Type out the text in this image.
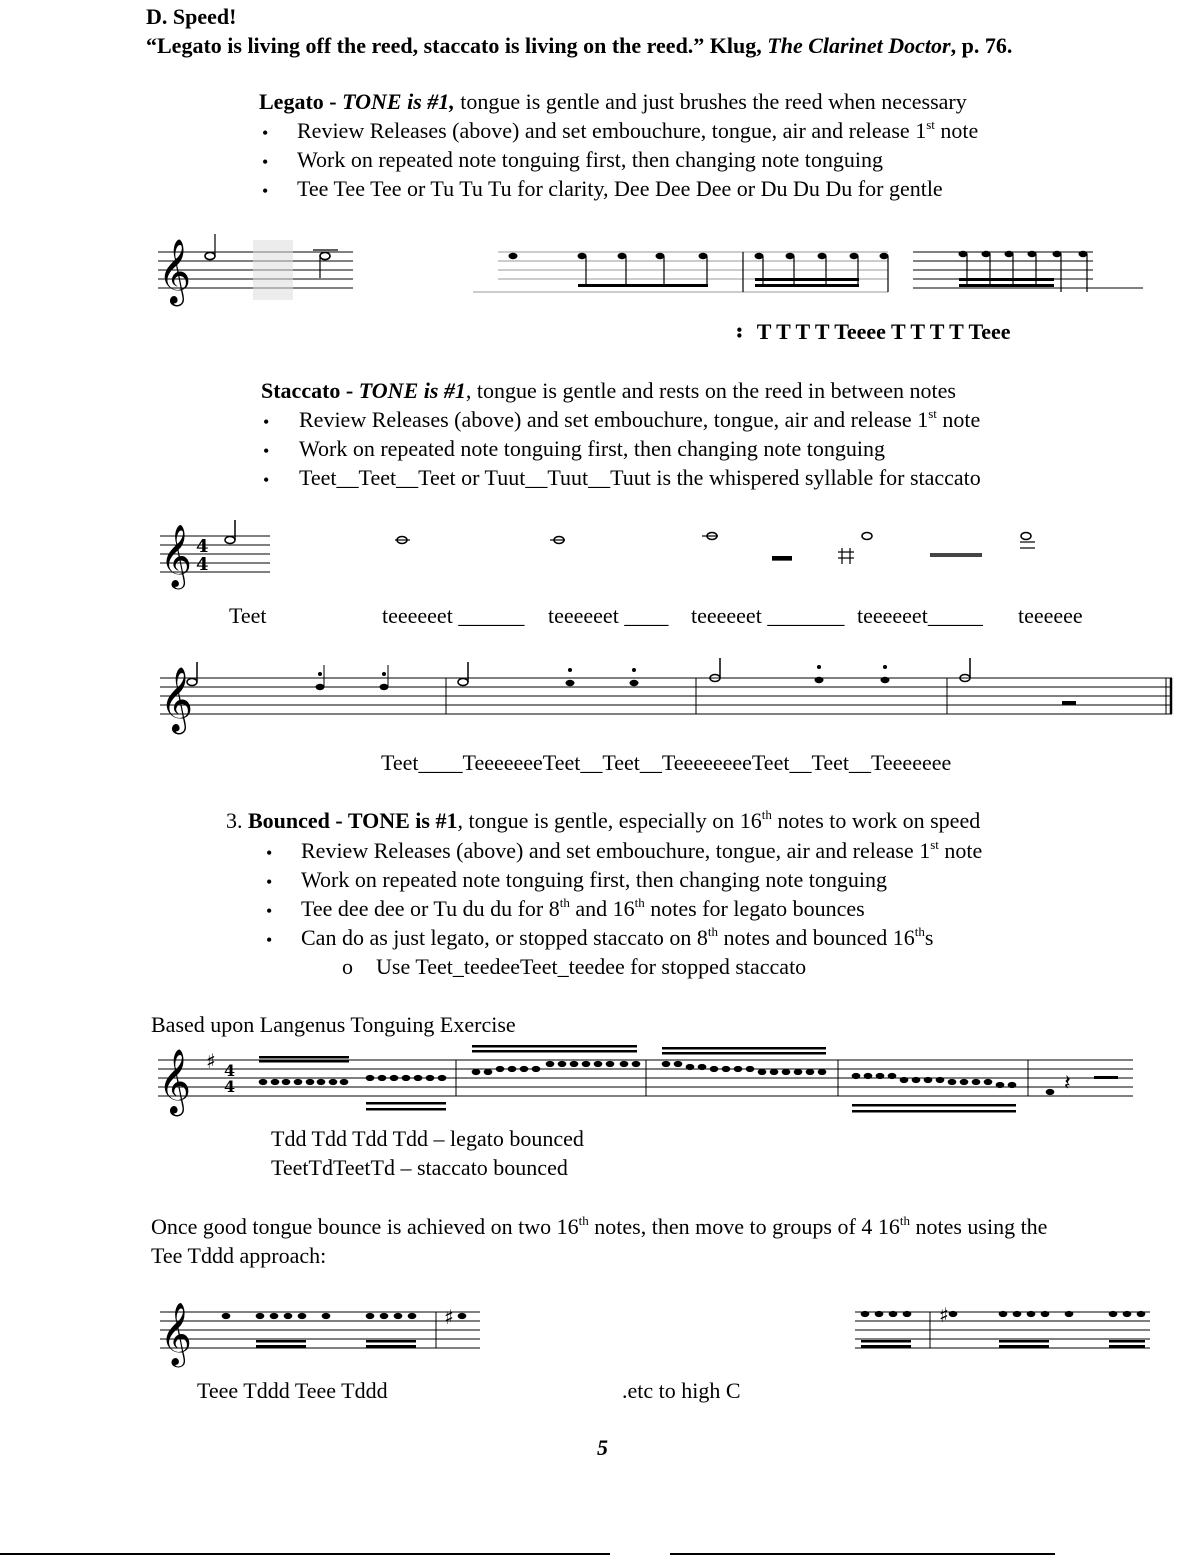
D. Speed!
“Legato is living off the reed, staccato is living on the reed.” Klug, The Clarinet Doctor, p. 76.
Legato - TONE is #1, tongue is gentle and just brushes the reed when necessary
• Review Releases (above) and set embouchure, tongue, air and release 1st note
• Work on repeated note tonguing first, then changing note tonguing
• Tee Tee Tee or Tu Tu Tu for clarity, Dee Dee Dee or Du Du Du for gentle
𝄞
⠆ T T T T Teeee T T T T Teee
Staccato - TONE is #1, tongue is gentle and rests on the reed in between notes
• Review Releases (above) and set embouchure, tongue, air and release 1st note
• Work on repeated note tonguing first, then changing note tonguing
• Teet__Teet__Teet or Tuut__Tuut__Tuut is the whispered syllable for staccato
𝄞 4
4
Teet	teeeeeet ______ teeeeeet ____ teeeeeet _______ teeeeeet_____ teeeeee
𝄞
Teet____TeeeeeeeTeet__Teet__TeeeeeeeeTeet__Teet__Teeeeeee
3. Bounced - TONE is #1, tongue is gentle, especially on 16th notes to work on speed
• Review Releases (above) and set embouchure, tongue, air and release 1st note
• Work on repeated note tonguing first, then changing note tonguing
• Tee dee dee or Tu du du for 8th and 16th notes for legato bounces
• Can do as just legato, or stopped staccato on 8th notes and bounced 16ths
o Use Teet_teedeeTeet_teedee for stopped staccato
Based upon Langenus Tonguing Exercise
𝄞 ♯ 4
4	𝄽
Tdd Tdd Tdd Tdd – legato bounced
TeetTdTeetTd – staccato bounced
Once good tongue bounce is achieved on two 16th notes, then move to groups of 4 16th notes using the
Tee Tddd approach:
𝄞	♯	♯
Teee Tddd Teee Tddd	.etc to high C
5
